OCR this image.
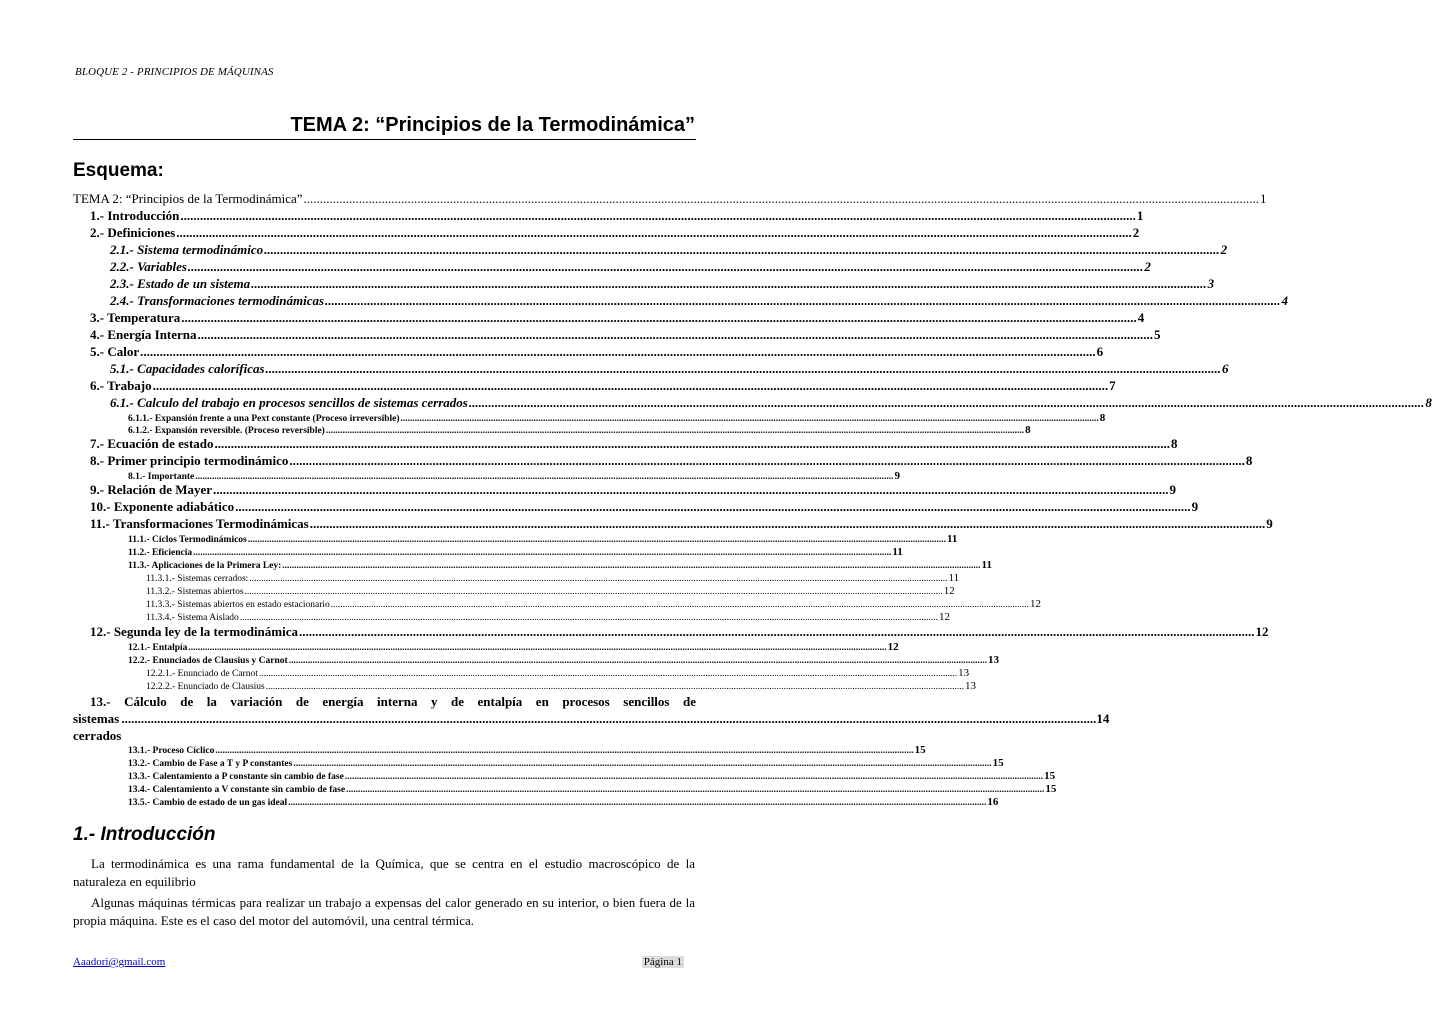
BLOQUE 2 - PRINCIPIOS DE MÁQUINAS
TEMA 2: “Principios de la Termodinámica”
Esquema:
TEMA 2: “Principios de la Termodinámica” .....	1
1.- Introducción .....	1
2.- Definiciones .....	2
2.1.- Sistema termodinámico .....	2
2.2.- Variables .....	2
2.3.- Estado de un sistema .....	3
2.4.- Transformaciones termodinámicas .....	4
3.- Temperatura .....	4
4.- Energía Interna .....	5
5.- Calor .....	6
5.1.- Capacidades caloríficas .....	6
6.- Trabajo .....	7
6.1.- Calculo del trabajo en procesos sencillos de sistemas cerrados .....	8
6.1.1.- Expansión frente a una Pext constante (Proceso irreversible) .....	8
6.1.2.- Expansión reversible. (Proceso reversible) .....	8
7.- Ecuación de estado .....	8
8.- Primer principio termodinámico .....	8
8.1.- Importante .....	9
9.- Relación de Mayer .....	9
10.- Exponente adiabático .....	9
11.- Transformaciones Termodinámicas .....	9
11.1.- Ciclos Termodinámicos .....	11
11.2.- Eficiencia .....	11
11.3.- Aplicaciones de la Primera Ley: .....	11
11.3.1.- Sistemas cerrados: .....	11
11.3.2.- Sistemas abiertos .....	12
11.3.3.- Sistemas abiertos en estado estacionario .....	12
11.3.4.- Sistema Aislado .....	12
12.- Segunda ley de la termodinámica .....	12
12.1.- Entalpía .....	12
12.2.- Enunciados de Clausius y Carnot .....	13
12.2.1.- Enunciado de Carnot .....	13
12.2.2.- Enunciado de Clausius .....	13
13.- Cálculo de la variación de energía interna y de entalpía en procesos sencillos de
sistemas cerrados
............................................................................................................................................................................................................................................................................................................ 14
13.1.- Proceso Cíclico .....	15
13.2.- Cambio de Fase a T y P constantes .....	15
13.3.- Calentamiento a P constante sin cambio de fase .....	15
13.4.- Calentamiento a V constante sin cambio de fase .....	15
13.5.- Cambio de estado de un gas ideal .....	16
1.- Introducción
La termodinámica es una rama fundamental de la Química, que se centra en el estudio macroscópico de la naturaleza en equilibrio
Algunas máquinas térmicas para realizar un trabajo a expensas del calor generado en su interior, o bien fuera de la propia máquina. Este es el caso del motor del automóvil, una central térmica.
Aaadori@gmail.com	Página 1
